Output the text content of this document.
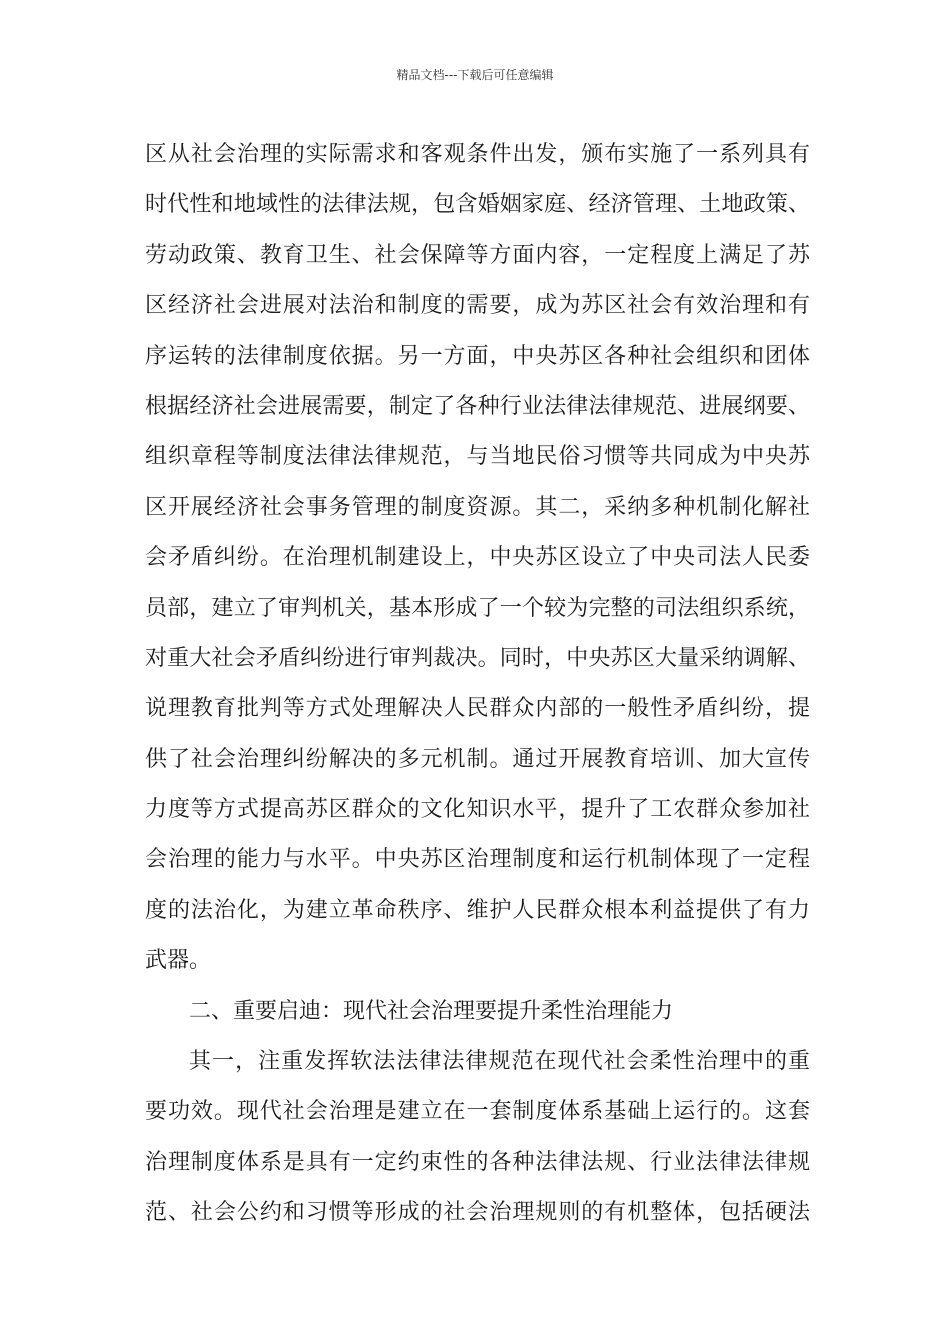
精品文档---下载后可任意编辑
区从社会治理的实际需求和客观条件出发，颁布实施了一系列具有
时代性和地域性的法律法规，包含婚姻家庭、经济管理、土地政策、
劳动政策、教育卫生、社会保障等方面内容，一定程度上满足了苏
区经济社会进展对法治和制度的需要，成为苏区社会有效治理和有
序运转的法律制度依据。另一方面，中央苏区各种社会组织和团体
根据经济社会进展需要，制定了各种行业法律法律规范、进展纲要、
组织章程等制度法律法律规范，与当地民俗习惯等共同成为中央苏
区开展经济社会事务管理的制度资源。其二，采纳多种机制化解社
会矛盾纠纷。在治理机制建设上，中央苏区设立了中央司法人民委
员部，建立了审判机关，基本形成了一个较为完整的司法组织系统，
对重大社会矛盾纠纷进行审判裁决。同时，中央苏区大量采纳调解、
说理教育批判等方式处理解决人民群众内部的一般性矛盾纠纷，提
供了社会治理纠纷解决的多元机制。通过开展教育培训、加大宣传
力度等方式提高苏区群众的文化知识水平，提升了工农群众参加社
会治理的能力与水平。中央苏区治理制度和运行机制体现了一定程
度的法治化，为建立革命秩序、维护人民群众根本利益提供了有力
武器。
二、重要启迪：现代社会治理要提升柔性治理能力
其一，注重发挥软法法律法律规范在现代社会柔性治理中的重
要功效。现代社会治理是建立在一套制度体系基础上运行的。这套
治理制度体系是具有一定约束性的各种法律法规、行业法律法律规
范、社会公约和习惯等形成的社会治理规则的有机整体，包括硬法
